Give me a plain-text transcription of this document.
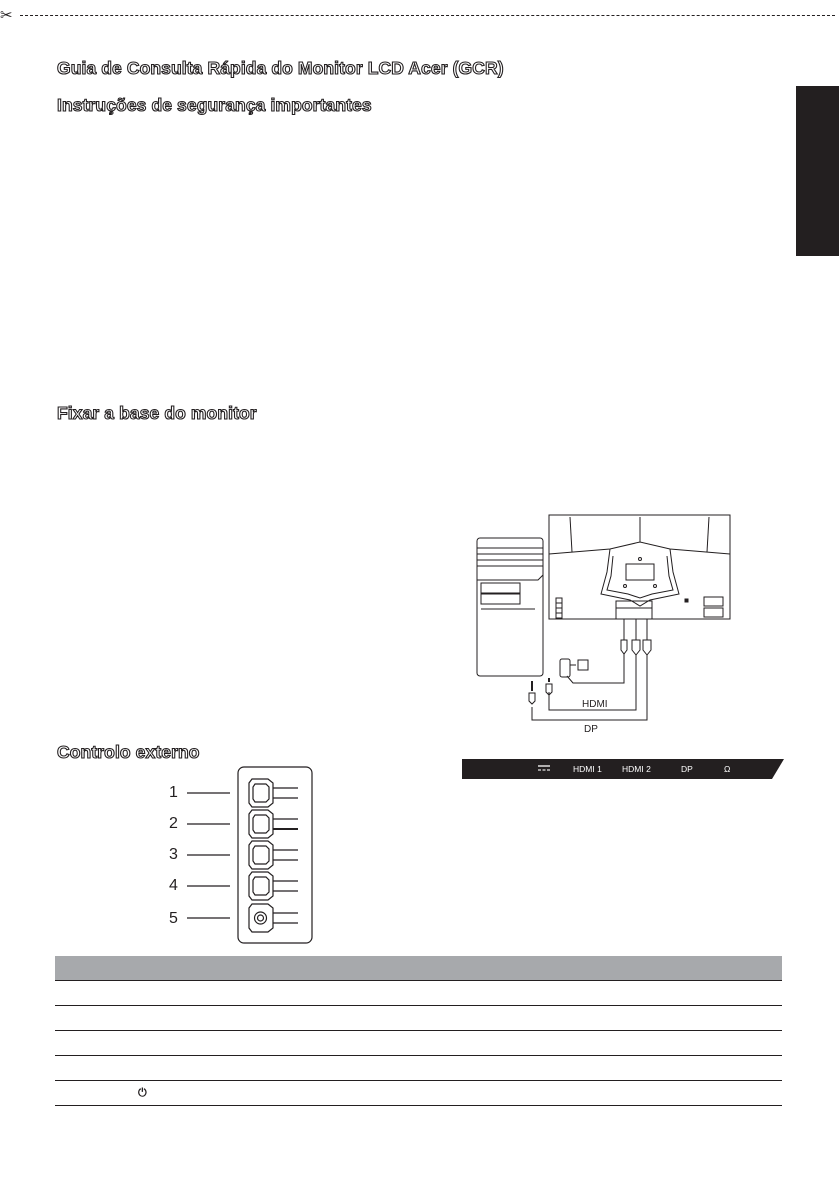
✂
Guia de Consulta Rápida do Monitor LCD Acer (GCR)
Instruções de segurança importantes
Fixar a base do monitor
Controlo externo
HDMI
DP
HDMI 1 HDMI 2	DP	Ω
1
2
3
4
5
⏻
